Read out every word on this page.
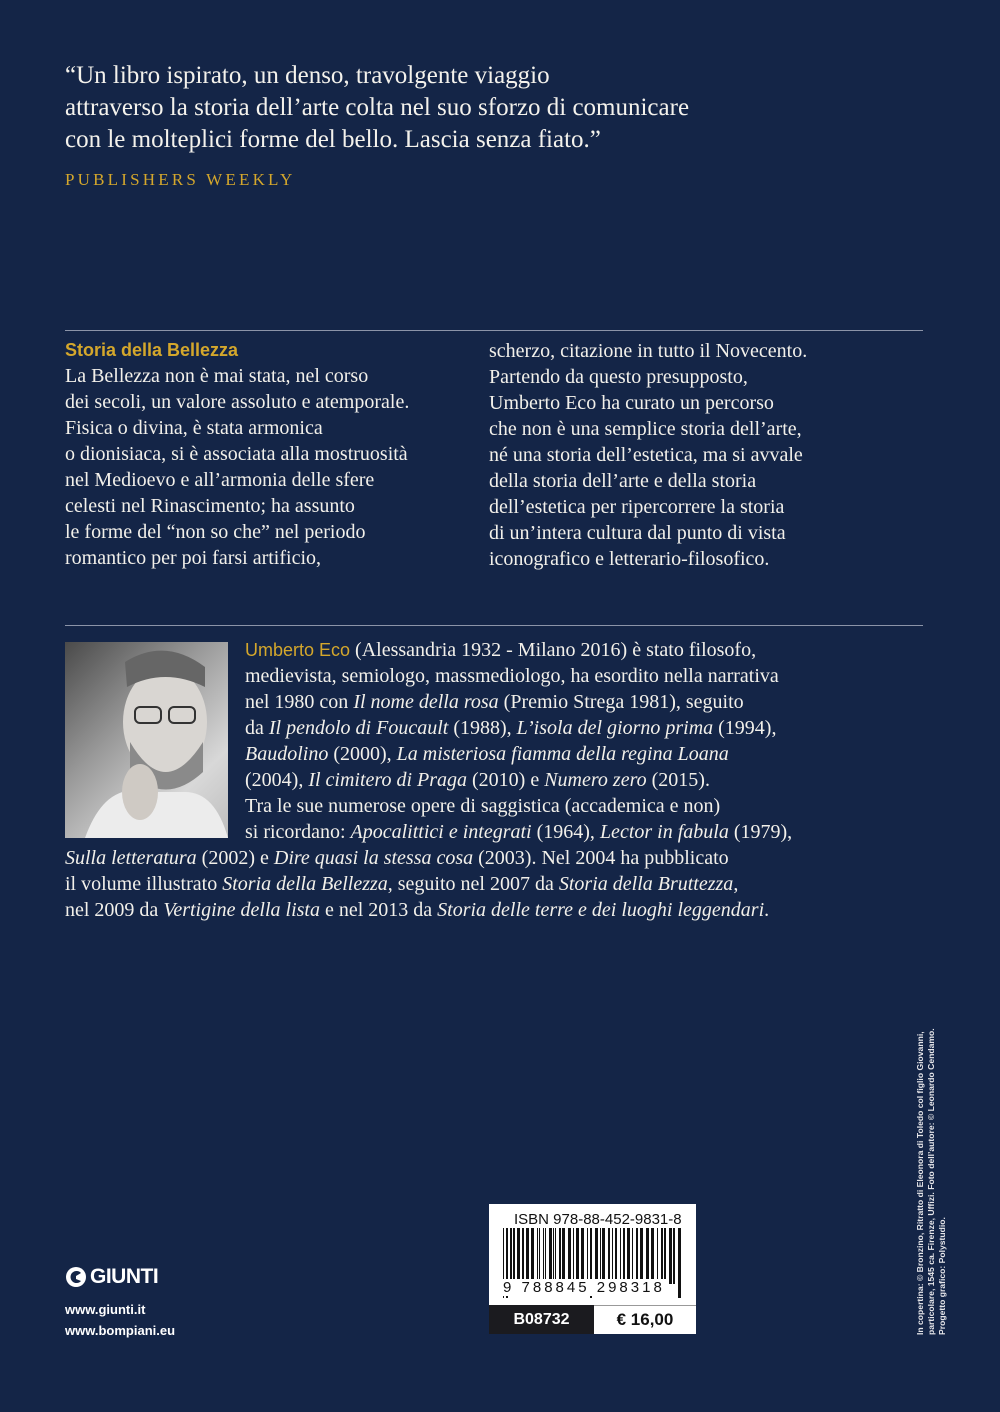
“Un libro ispirato, un denso, travolgente viaggio
attraverso la storia dell’arte colta nel suo sforzo di comunicare
con le molteplici forme del bello. Lascia senza fiato.”
PUBLISHERS WEEKLY
Storia della Bellezza
La Bellezza non è mai stata, nel corso
dei secoli, un valore assoluto e atemporale.
Fisica o divina, è stata armonica
o dionisiaca, si è associata alla mostruosità
nel Medioevo e all’armonia delle sfere
celesti nel Rinascimento; ha assunto
le forme del “non so che” nel periodo
romantico per poi farsi artificio,
scherzo, citazione in tutto il Novecento.
Partendo da questo presupposto,
Umberto Eco ha curato un percorso
che non è una semplice storia dell’arte,
né una storia dell’estetica, ma si avvale
della storia dell’arte e della storia
dell’estetica per ripercorrere la storia
di un’intera cultura dal punto di vista
iconografico e letterario-filosofico.
Umberto Eco (Alessandria 1932 - Milano 2016) è stato filosofo,
medievista, semiologo, massmediologo, ha esordito nella narrativa
nel 1980 con Il nome della rosa (Premio Strega 1981), seguito
da Il pendolo di Foucault (1988), L’isola del giorno prima (1994),
Baudolino (2000), La misteriosa fiamma della regina Loana
(2004), Il cimitero di Praga (2010) e Numero zero (2015).
Tra le sue numerose opere di saggistica (accademica e non)
si ricordano: Apocalittici e integrati (1964), Lector in fabula (1979),
Sulla letteratura (2002) e Dire quasi la stessa cosa (2003). Nel 2004 ha pubblicato
il volume illustrato Storia della Bellezza, seguito nel 2007 da Storia della Bruttezza,
nel 2009 da Vertigine della lista e nel 2013 da Storia delle terre e dei luoghi leggendari.
In copertina: © Bronzino, Ritratto di Eleonora di Toledo col figlio Giovanni, particolare, 1545 ca. Firenze, Uffizi. Foto dell’autore: © Leonardo Cendamo. Progetto grafico: Polystudio.
GIUNTI
www.giunti.it
www.bompiani.eu
ISBN 978-88-452-9831-8
9 788845 298318
B08732	€ 16,00
